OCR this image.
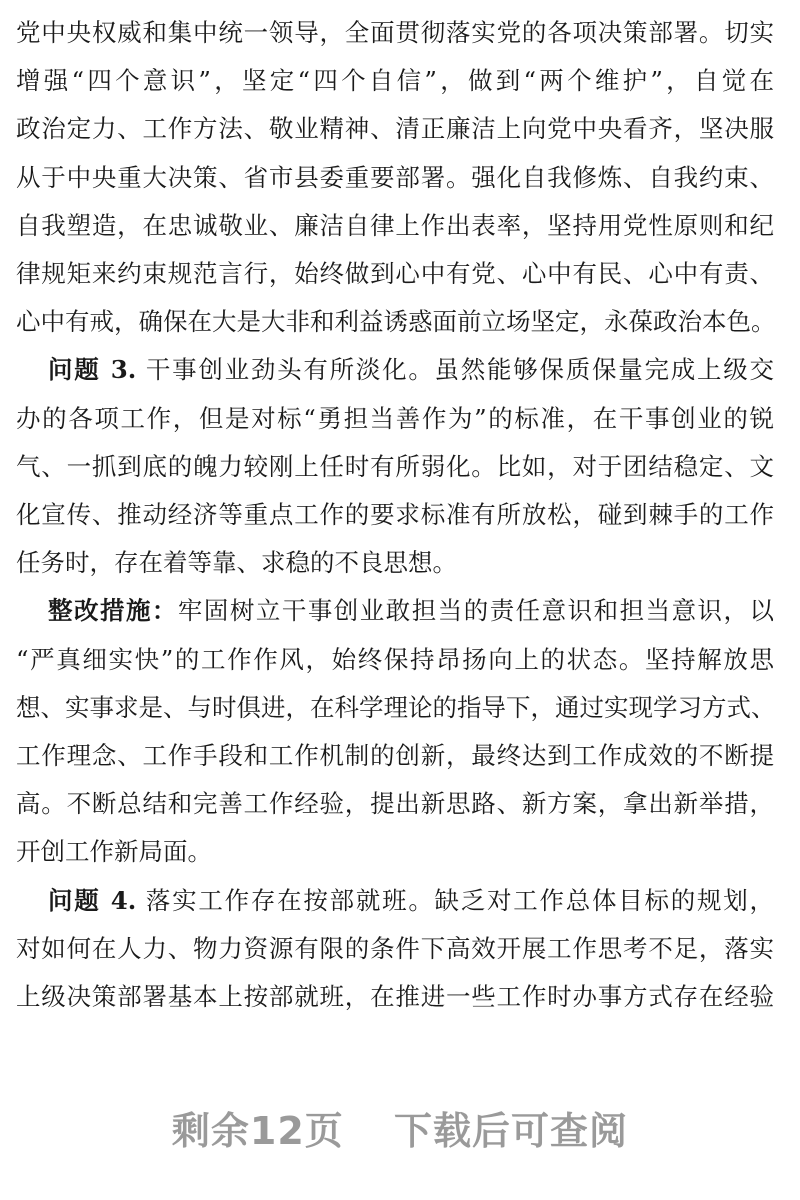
党中央权威和集中统一领导，全面贯彻落实党的各项决策部署。切实
增强“四个意识”，坚定“四个自信”，做到“两个维护”，自觉在
政治定力、工作方法、敬业精神、清正廉洁上向党中央看齐，坚决服
从于中央重大决策、省市县委重要部署。强化自我修炼、自我约束、
自我塑造，在忠诚敬业、廉洁自律上作出表率，坚持用党性原则和纪
律规矩来约束规范言行，始终做到心中有党、心中有民、心中有责、
心中有戒，确保在大是大非和利益诱惑面前立场坚定，永葆政治本色。
问题 3. 干事创业劲头有所淡化。虽然能够保质保量完成上级交
办的各项工作，但是对标“勇担当善作为”的标准，在干事创业的锐
气、一抓到底的魄力较刚上任时有所弱化。比如，对于团结稳定、文
化宣传、推动经济等重点工作的要求标准有所放松，碰到棘手的工作
任务时，存在着等靠、求稳的不良思想。
整改措施：牢固树立干事创业敢担当的责任意识和担当意识，以
“严真细实快”的工作作风，始终保持昂扬向上的状态。坚持解放思
想、实事求是、与时俱进，在科学理论的指导下，通过实现学习方式、
工作理念、工作手段和工作机制的创新，最终达到工作成效的不断提
高。不断总结和完善工作经验，提出新思路、新方案，拿出新举措，
开创工作新局面。
问题 4. 落实工作存在按部就班。缺乏对工作总体目标的规划，
对如何在人力、物力资源有限的条件下高效开展工作思考不足，落实
上级决策部署基本上按部就班，在推进一些工作时办事方式存在经验
剩余12页 下载后可查阅
